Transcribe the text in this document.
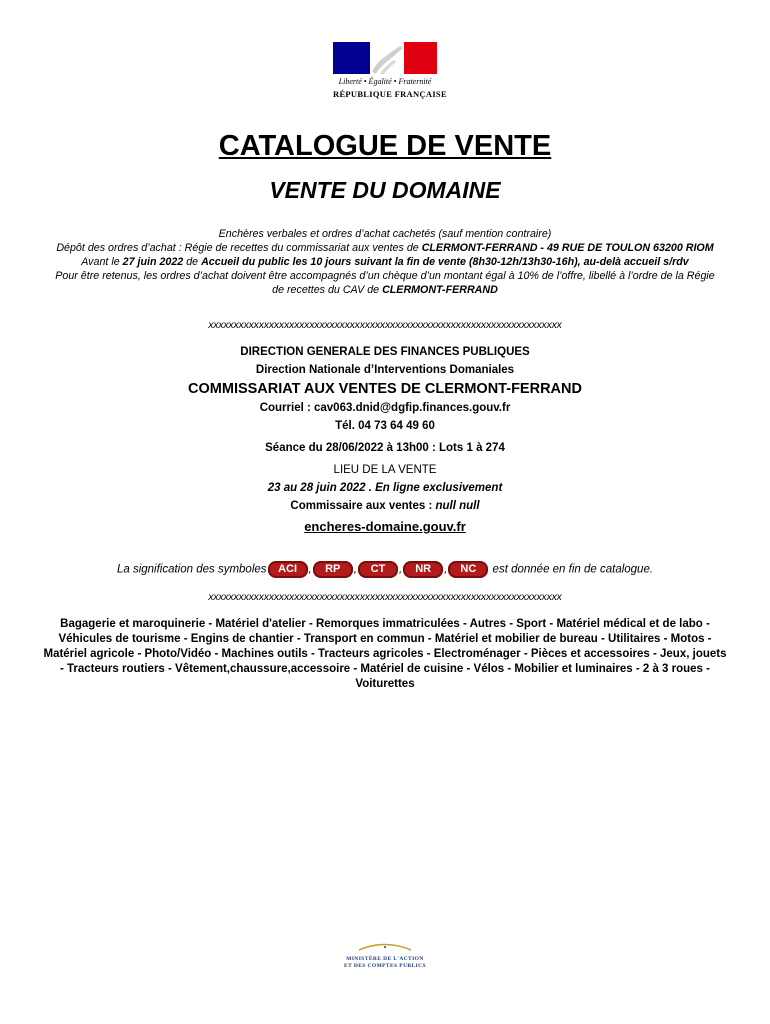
Liberté • Égalité • Fraternité
RÉPUBLIQUE FRANÇAISE
CATALOGUE DE VENTE
VENTE DU DOMAINE
Enchères verbales et ordres d’achat cachetés (sauf mention contraire)
Dépôt des ordres d’achat : Régie de recettes du commissariat aux ventes de CLERMONT-FERRAND - 49 RUE DE TOULON 63200 RIOM
Avant le 27 juin 2022 de Accueil du public les 10 jours suivant la fin de vente (8h30-12h/13h30-16h), au-delà accueil s/rdv
Pour être retenus, les ordres d’achat doivent être accompagnés d’un chèque d’un montant égal à 10% de l’offre, libellé à l’ordre de la Régie de recettes du CAV de CLERMONT-FERRAND
xxxxxxxxxxxxxxxxxxxxxxxxxxxxxxxxxxxxxxxxxxxxxxxxxxxxxxxxxxxxxxxxxxxxxx
DIRECTION GENERALE DES FINANCES PUBLIQUES
Direction Nationale d’Interventions Domaniales
COMMISSARIAT AUX VENTES DE CLERMONT-FERRAND
Courriel : cav063.dnid@dgfip.finances.gouv.fr
Tél. 04 73 64 49 60
Séance du 28/06/2022 à 13h00 : Lots 1 à 274
LIEU DE LA VENTE
23 au 28 juin 2022 . En ligne exclusivement
Commissaire aux ventes : null null
encheres-domaine.gouv.fr
La signification des symboles ACI , RP , CT , NR , NC est donnée en fin de catalogue.
xxxxxxxxxxxxxxxxxxxxxxxxxxxxxxxxxxxxxxxxxxxxxxxxxxxxxxxxxxxxxxxxxxxxxx
Bagagerie et maroquinerie - Matériel d'atelier - Remorques immatriculées - Autres - Sport - Matériel médical et de labo - Véhicules de tourisme - Engins de chantier - Transport en commun - Matériel et mobilier de bureau - Utilitaires - Motos - Matériel agricole - Photo/Vidéo - Machines outils - Tracteurs agricoles - Electroménager - Pièces et accessoires - Jeux, jouets - Tracteurs routiers - Vêtement,chaussure,accessoire - Matériel de cuisine - Vélos - Mobilier et luminaires - 2 à 3 roues - Voiturettes
MINISTÈRE DE L'ACTION
ET DES COMPTES PUBLICS
